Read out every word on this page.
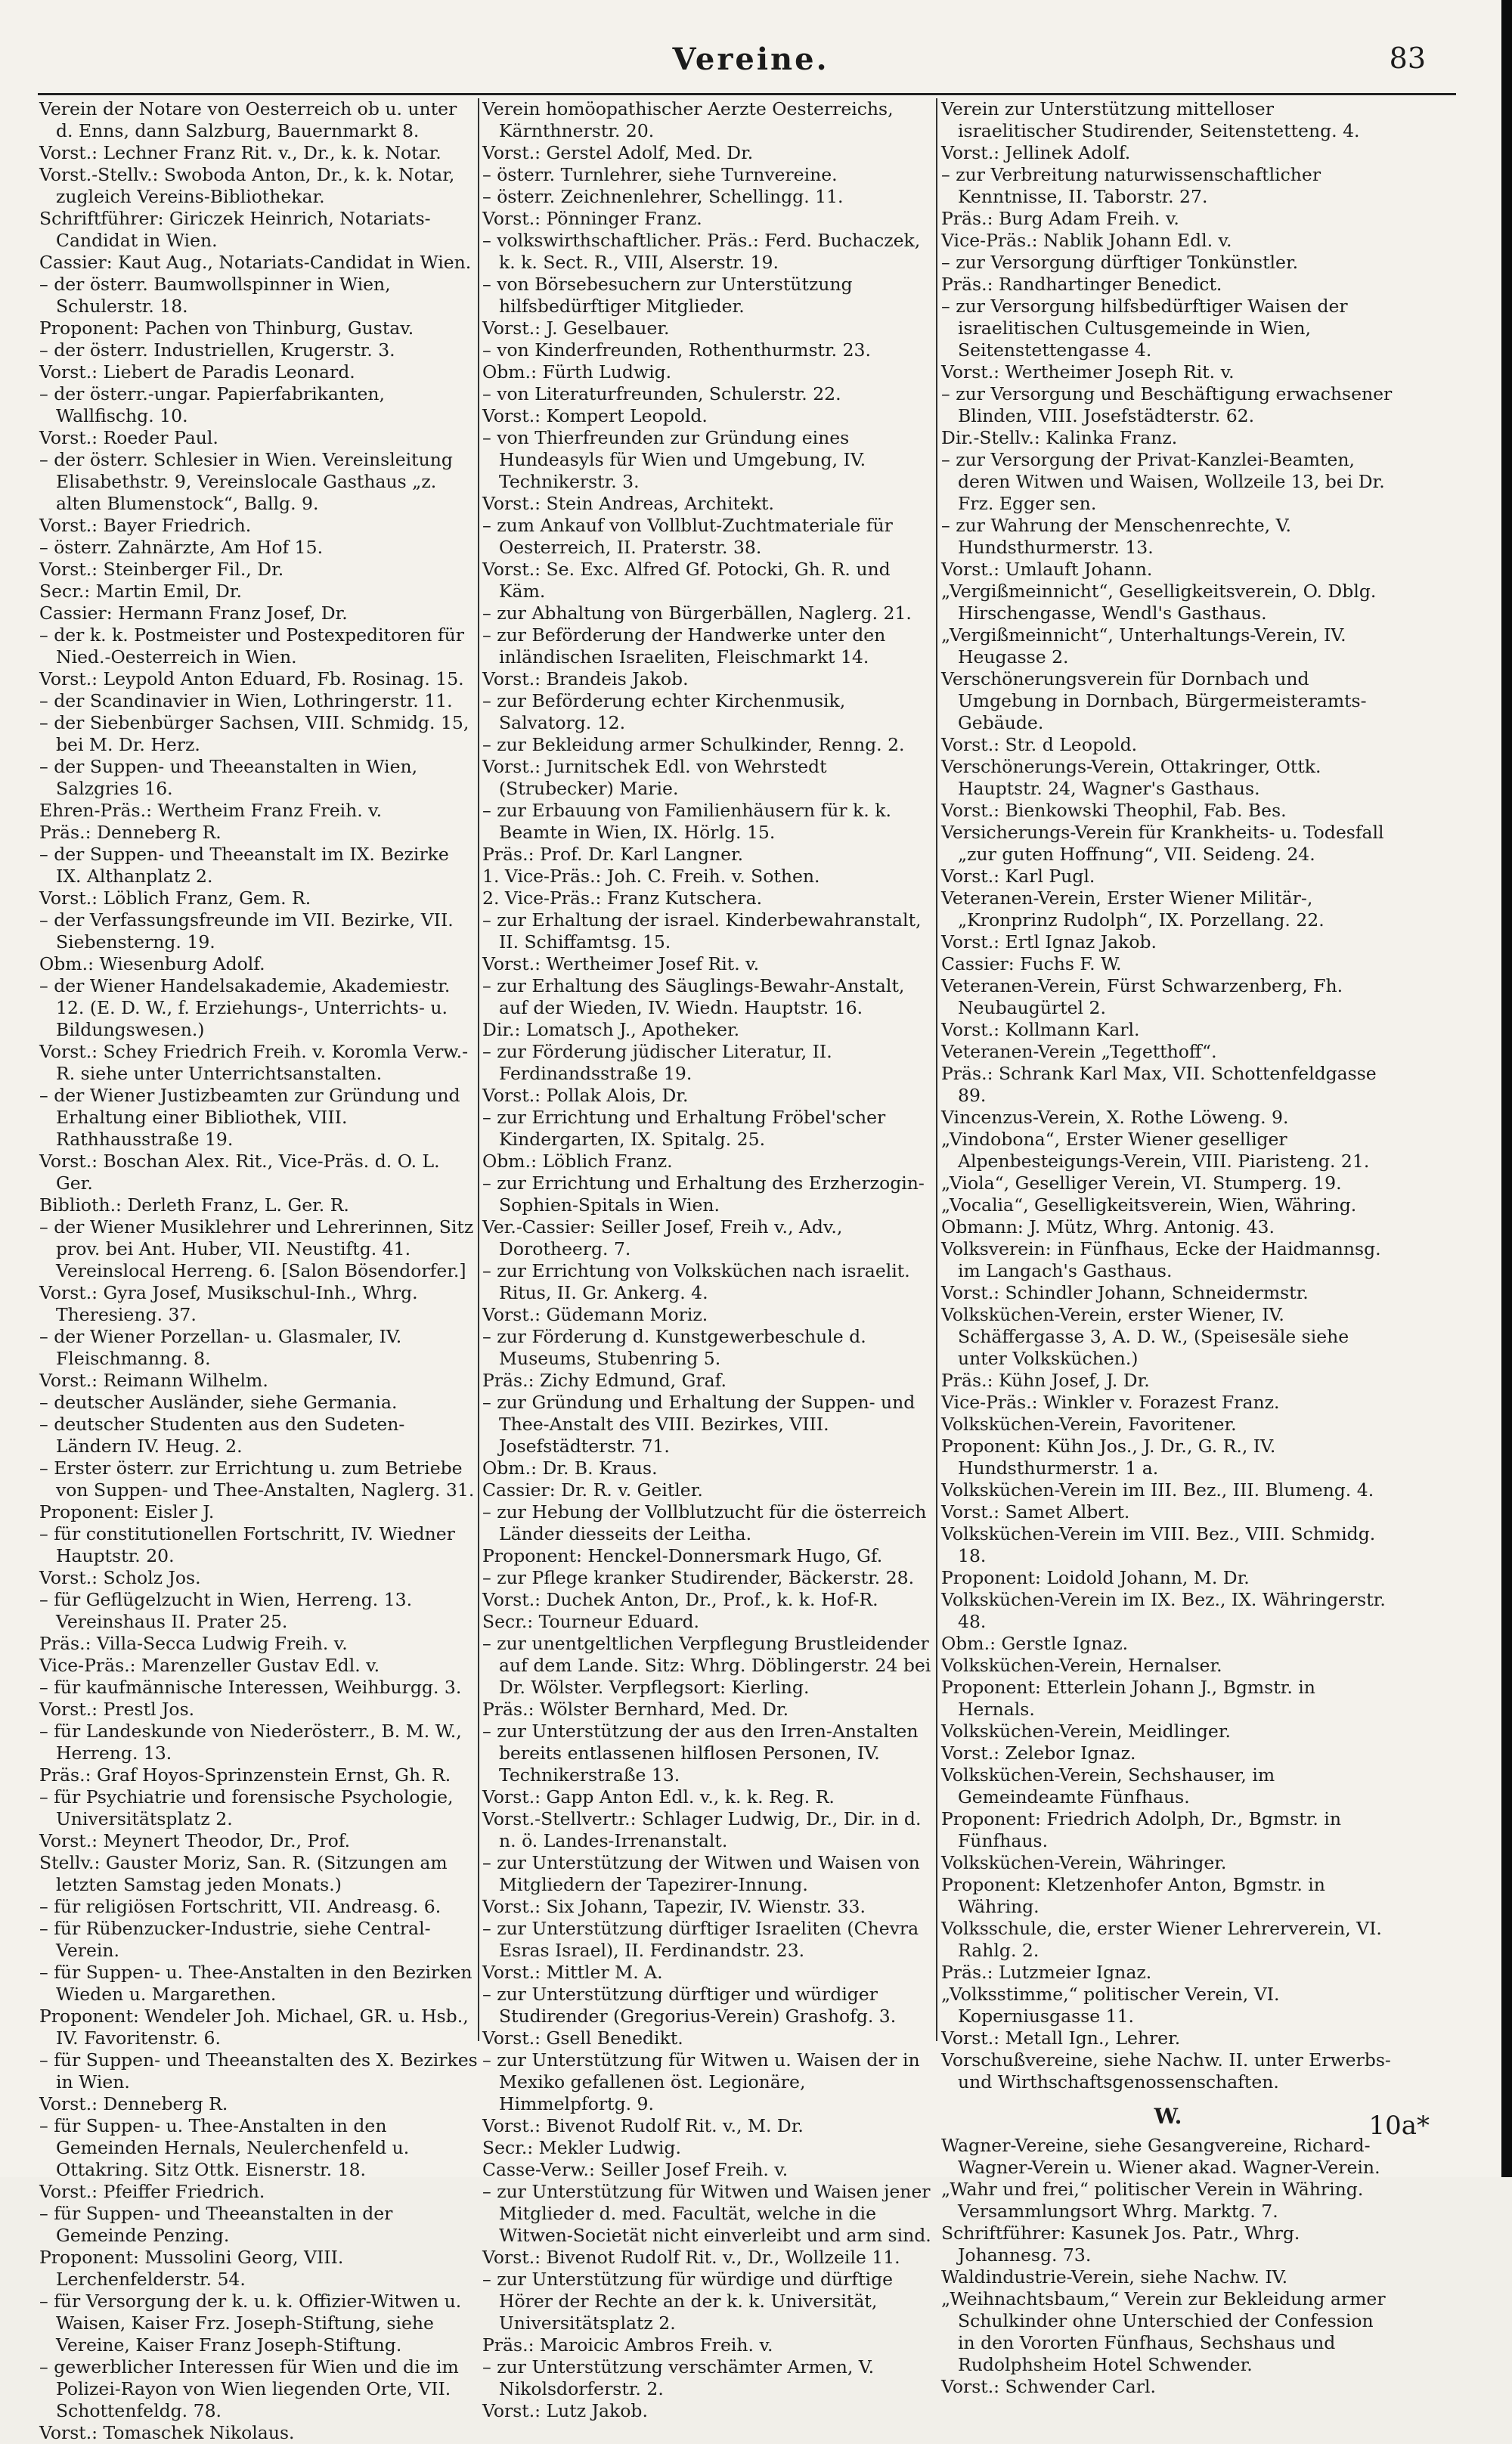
Vereine.	83

Verein der Notare von Oesterreich ob u. unter d. Enns, dann Salzburg, Bauernmarkt 8.

Vorst.: Lechner Franz Rit. v., Dr., k. k. Notar.

Vorst.-Stellv.: Swoboda Anton, Dr., k. k. Notar, zugleich Vereins-Bibliothekar.

Schriftführer: Giriczek Heinrich, Notariats-Candidat in Wien.

Cassier: Kaut Aug., Notariats-Candidat in Wien.

– der österr. Baumwollspinner in Wien, Schulerstr. 18.

Proponent: Pachen von Thinburg, Gustav.

– der österr. Industriellen, Krugerstr. 3.

Vorst.: Liebert de Paradis Leonard.

– der österr.-ungar. Papierfabrikanten, Wallfischg. 10.

Vorst.: Roeder Paul.

– der österr. Schlesier in Wien. Vereinsleitung Elisabethstr. 9, Vereinslocale Gasthaus „z. alten Blumenstock“, Ballg. 9.

Vorst.: Bayer Friedrich.

– österr. Zahnärzte, Am Hof 15.

Vorst.: Steinberger Fil., Dr.

Secr.: Martin Emil, Dr.

Cassier: Hermann Franz Josef, Dr.

– der k. k. Postmeister und Postexpeditoren für Nied.-Oesterreich in Wien.

Vorst.: Leypold Anton Eduard, Fb. Rosinag. 15.

– der Scandinavier in Wien, Lothringerstr. 11.

– der Siebenbürger Sachsen, VIII. Schmidg. 15, bei M. Dr. Herz.

– der Suppen- und Theeanstalten in Wien, Salzgries 16.

Ehren-Präs.: Wertheim Franz Freih. v.

Präs.: Denneberg R.

– der Suppen- und Theeanstalt im IX. Bezirke IX. Althanplatz 2.

Vorst.: Löblich Franz, Gem. R.

– der Verfassungsfreunde im VII. Bezirke, VII. Siebensterng. 19.

Obm.: Wiesenburg Adolf.

– der Wiener Handelsakademie, Akademiestr. 12. (E. D. W., f. Erziehungs-, Unterrichts- u. Bildungswesen.)

Vorst.: Schey Friedrich Freih. v. Koromla Verw.-R. siehe unter Unterrichtsanstalten.

– der Wiener Justizbeamten zur Gründung und Erhaltung einer Bibliothek, VIII. Rathhausstraße 19.

Vorst.: Boschan Alex. Rit., Vice-Präs. d. O. L. Ger.

Biblioth.: Derleth Franz, L. Ger. R.

– der Wiener Musiklehrer und Lehrerinnen, Sitz prov. bei Ant. Huber, VII. Neustiftg. 41. Vereinslocal Herreng. 6. [Salon Bösendorfer.]

Vorst.: Gyra Josef, Musikschul-Inh., Whrg. Theresieng. 37.

– der Wiener Porzellan- u. Glasmaler, IV. Fleischmanng. 8.

Vorst.: Reimann Wilhelm.

– deutscher Ausländer, siehe Germania.

– deutscher Studenten aus den Sudeten-Ländern IV. Heug. 2.

– Erster österr. zur Errichtung u. zum Betriebe von Suppen- und Thee-Anstalten, Naglerg. 31.

Proponent: Eisler J.

– für constitutionellen Fortschritt, IV. Wiedner Hauptstr. 20.

Vorst.: Scholz Jos.

– für Geflügelzucht in Wien, Herreng. 13. Vereinshaus II. Prater 25.

Präs.: Villa-Secca Ludwig Freih. v.

Vice-Präs.: Marenzeller Gustav Edl. v.

– für kaufmännische Interessen, Weihburgg. 3.

Vorst.: Prestl Jos.

– für Landeskunde von Niederösterr., B. M. W., Herreng. 13.

Präs.: Graf Hoyos-Sprinzenstein Ernst, Gh. R.

– für Psychiatrie und forensische Psychologie, Universitätsplatz 2.

Vorst.: Meynert Theodor, Dr., Prof.

Stellv.: Gauster Moriz, San. R. (Sitzungen am letzten Samstag jeden Monats.)

– für religiösen Fortschritt, VII. Andreasg. 6.

– für Rübenzucker-Industrie, siehe Central-Verein.

– für Suppen- u. Thee-Anstalten in den Bezirken Wieden u. Margarethen.

Proponent: Wendeler Joh. Michael, GR. u. Hsb., IV. Favoritenstr. 6.

– für Suppen- und Theeanstalten des X. Bezirkes in Wien.

Vorst.: Denneberg R.

– für Suppen- u. Thee-Anstalten in den Gemeinden Hernals, Neulerchenfeld u. Ottakring. Sitz Ottk. Eisnerstr. 18.

Vorst.: Pfeiffer Friedrich.

– für Suppen- und Theeanstalten in der Gemeinde Penzing.

Proponent: Mussolini Georg, VIII. Lerchenfelderstr. 54.

– für Versorgung der k. u. k. Offizier-Witwen u. Waisen, Kaiser Frz. Joseph-Stiftung, siehe Vereine, Kaiser Franz Joseph-Stiftung.

– gewerblicher Interessen für Wien und die im Polizei-Rayon von Wien liegenden Orte, VII. Schottenfeldg. 78.

Vorst.: Tomaschek Nikolaus.

Verein homöopathischer Aerzte Oesterreichs, Kärnthnerstr. 20.

Vorst.: Gerstel Adolf, Med. Dr.

– österr. Turnlehrer, siehe Turnvereine.

– österr. Zeichnenlehrer, Schellingg. 11.

Vorst.: Pönninger Franz.

– volkswirthschaftlicher. Präs.: Ferd. Buchaczek, k. k. Sect. R., VIII, Alserstr. 19.

– von Börsebesuchern zur Unterstützung hilfsbedürftiger Mitglieder.

Vorst.: J. Geselbauer.

– von Kinderfreunden, Rothenthurmstr. 23.

Obm.: Fürth Ludwig.

– von Literaturfreunden, Schulerstr. 22.

Vorst.: Kompert Leopold.

– von Thierfreunden zur Gründung eines Hundeasyls für Wien und Umgebung, IV. Technikerstr. 3.

Vorst.: Stein Andreas, Architekt.

– zum Ankauf von Vollblut-Zuchtmateriale für Oesterreich, II. Praterstr. 38.

Vorst.: Se. Exc. Alfred Gf. Potocki, Gh. R. und Käm.

– zur Abhaltung von Bürgerbällen, Naglerg. 21.

– zur Beförderung der Handwerke unter den inländischen Israeliten, Fleischmarkt 14.

Vorst.: Brandeis Jakob.

– zur Beförderung echter Kirchenmusik, Salvatorg. 12.

– zur Bekleidung armer Schulkinder, Renng. 2.

Vorst.: Jurnitschek Edl. von Wehrstedt (Strubecker) Marie.

– zur Erbauung von Familienhäusern für k. k. Beamte in Wien, IX. Hörlg. 15.

Präs.: Prof. Dr. Karl Langner.

1. Vice-Präs.: Joh. C. Freih. v. Sothen.

2. Vice-Präs.: Franz Kutschera.

– zur Erhaltung der israel. Kinderbewahranstalt, II. Schiffamtsg. 15.

Vorst.: Wertheimer Josef Rit. v.

– zur Erhaltung des Säuglings-Bewahr-Anstalt, auf der Wieden, IV. Wiedn. Hauptstr. 16.

Dir.: Lomatsch J., Apotheker.

– zur Förderung jüdischer Literatur, II. Ferdinandsstraße 19.

Vorst.: Pollak Alois, Dr.

– zur Errichtung und Erhaltung Fröbel'scher Kindergarten, IX. Spitalg. 25.

Obm.: Löblich Franz.

– zur Errichtung und Erhaltung des Erzherzogin-Sophien-Spitals in Wien.

Ver.-Cassier: Seiller Josef, Freih v., Adv., Dorotheerg. 7.

– zur Errichtung von Volksküchen nach israelit. Ritus, II. Gr. Ankerg. 4.

Vorst.: Güdemann Moriz.

– zur Förderung d. Kunstgewerbeschule d. Museums, Stubenring 5.

Präs.: Zichy Edmund, Graf.

– zur Gründung und Erhaltung der Suppen- und Thee-Anstalt des VIII. Bezirkes, VIII. Josefstädterstr. 71.

Obm.: Dr. B. Kraus.

Cassier: Dr. R. v. Geitler.

– zur Hebung der Vollblutzucht für die österreich Länder diesseits der Leitha.

Proponent: Henckel-Donnersmark Hugo, Gf.

– zur Pflege kranker Studirender, Bäckerstr. 28.

Vorst.: Duchek Anton, Dr., Prof., k. k. Hof-R.

Secr.: Tourneur Eduard.

– zur unentgeltlichen Verpflegung Brustleidender auf dem Lande. Sitz: Whrg. Döblingerstr. 24 bei Dr. Wölster. Verpflegsort: Kierling.

Präs.: Wölster Bernhard, Med. Dr.

– zur Unterstützung der aus den Irren-Anstalten bereits entlassenen hilflosen Personen, IV. Technikerstraße 13.

Vorst.: Gapp Anton Edl. v., k. k. Reg. R.

Vorst.-Stellvertr.: Schlager Ludwig, Dr., Dir. in d. n. ö. Landes-Irrenanstalt.

– zur Unterstützung der Witwen und Waisen von Mitgliedern der Tapezirer-Innung.

Vorst.: Six Johann, Tapezir, IV. Wienstr. 33.

– zur Unterstützung dürftiger Israeliten (Chevra Esras Israel), II. Ferdinandstr. 23.

Vorst.: Mittler M. A.

– zur Unterstützung dürftiger und würdiger Studirender (Gregorius-Verein) Grashofg. 3.

Vorst.: Gsell Benedikt.

– zur Unterstützung für Witwen u. Waisen der in Mexiko gefallenen öst. Legionäre, Himmelpfortg. 9.

Vorst.: Bivenot Rudolf Rit. v., M. Dr.

Secr.: Mekler Ludwig.

Casse-Verw.: Seiller Josef Freih. v.

– zur Unterstützung für Witwen und Waisen jener Mitglieder d. med. Facultät, welche in die Witwen-Societät nicht einverleibt und arm sind.

Vorst.: Bivenot Rudolf Rit. v., Dr., Wollzeile 11.

– zur Unterstützung für würdige und dürftige Hörer der Rechte an der k. k. Universität, Universitätsplatz 2.

Präs.: Maroicic Ambros Freih. v.

– zur Unterstützung verschämter Armen, V. Nikolsdorferstr. 2.

Vorst.: Lutz Jakob.

Verein zur Unterstützung mittelloser israelitischer Studirender, Seitenstetteng. 4.

Vorst.: Jellinek Adolf.

– zur Verbreitung naturwissenschaftlicher Kenntnisse, II. Taborstr. 27.

Präs.: Burg Adam Freih. v.

Vice-Präs.: Nablik Johann Edl. v.

– zur Versorgung dürftiger Tonkünstler.

Präs.: Randhartinger Benedict.

– zur Versorgung hilfsbedürftiger Waisen der israelitischen Cultusgemeinde in Wien, Seitenstettengasse 4.

Vorst.: Wertheimer Joseph Rit. v.

– zur Versorgung und Beschäftigung erwachsener Blinden, VIII. Josefstädterstr. 62.

Dir.-Stellv.: Kalinka Franz.

– zur Versorgung der Privat-Kanzlei-Beamten, deren Witwen und Waisen, Wollzeile 13, bei Dr. Frz. Egger sen.

– zur Wahrung der Menschenrechte, V. Hundsthurmerstr. 13.

Vorst.: Umlauft Johann.

„Vergißmeinnicht“, Geselligkeitsverein, O. Dblg. Hirschengasse, Wendl's Gasthaus.

„Vergißmeinnicht“, Unterhaltungs-Verein, IV. Heugasse 2.

Verschönerungsverein für Dornbach und Umgebung in Dornbach, Bürgermeisteramts-Gebäude.

Vorst.: Str. d Leopold.

Verschönerungs-Verein, Ottakringer, Ottk. Hauptstr. 24, Wagner's Gasthaus.

Vorst.: Bienkowski Theophil, Fab. Bes.

Versicherungs-Verein für Krankheits- u. Todesfall „zur guten Hoffnung“, VII. Seideng. 24.

Vorst.: Karl Pugl.

Veteranen-Verein, Erster Wiener Militär-, „Kronprinz Rudolph“, IX. Porzellang. 22.

Vorst.: Ertl Ignaz Jakob.

Cassier: Fuchs F. W.

Veteranen-Verein, Fürst Schwarzenberg, Fh. Neubaugürtel 2.

Vorst.: Kollmann Karl.

Veteranen-Verein „Tegetthoff“.

Präs.: Schrank Karl Max, VII. Schottenfeldgasse 89.

Vincenzus-Verein, X. Rothe Löweng. 9.

„Vindobona“, Erster Wiener geselliger Alpenbesteigungs-Verein, VIII. Piaristeng. 21.

„Viola“, Geselliger Verein, VI. Stumperg. 19.

„Vocalia“, Geselligkeitsverein, Wien, Währing.

Obmann: J. Mütz, Whrg. Antonig. 43.

Volksverein: in Fünfhaus, Ecke der Haidmannsg. im Langach's Gasthaus.

Vorst.: Schindler Johann, Schneidermstr.

Volksküchen-Verein, erster Wiener, IV. Schäffergasse 3, A. D. W., (Speisesäle siehe unter Volksküchen.)

Präs.: Kühn Josef, J. Dr.

Vice-Präs.: Winkler v. Forazest Franz.

Volksküchen-Verein, Favoritener.

Proponent: Kühn Jos., J. Dr., G. R., IV. Hundsthurmerstr. 1 a.

Volksküchen-Verein im III. Bez., III. Blumeng. 4.

Vorst.: Samet Albert.

Volksküchen-Verein im VIII. Bez., VIII. Schmidg. 18.

Proponent: Loidold Johann, M. Dr.

Volksküchen-Verein im IX. Bez., IX. Währingerstr. 48.

Obm.: Gerstle Ignaz.

Volksküchen-Verein, Hernalser.

Proponent: Etterlein Johann J., Bgmstr. in Hernals.

Volksküchen-Verein, Meidlinger.

Vorst.: Zelebor Ignaz.

Volksküchen-Verein, Sechshauser, im Gemeindeamte Fünfhaus.

Proponent: Friedrich Adolph, Dr., Bgmstr. in Fünfhaus.

Volksküchen-Verein, Währinger.

Proponent: Kletzenhofer Anton, Bgmstr. in Währing.

Volksschule, die, erster Wiener Lehrerverein, VI. Rahlg. 2.

Präs.: Lutzmeier Ignaz.

„Volksstimme,“ politischer Verein, VI. Koperniusgasse 11.

Vorst.: Metall Ign., Lehrer.

Vorschußvereine, siehe Nachw. II. unter Erwerbs- und Wirthschaftsgenossenschaften.

W.

Wagner-Vereine, siehe Gesangvereine, Richard-Wagner-Verein u. Wiener akad. Wagner-Verein.

„Wahr und frei,“ politischer Verein in Währing. Versammlungsort Whrg. Marktg. 7.

Schriftführer: Kasunek Jos. Patr., Whrg. Johannesg. 73.

Waldindustrie-Verein, siehe Nachw. IV.

„Weihnachtsbaum,“ Verein zur Bekleidung armer Schulkinder ohne Unterschied der Confession in den Vororten Fünfhaus, Sechshaus und Rudolphsheim Hotel Schwender.

Vorst.: Schwender Carl.

10a*
